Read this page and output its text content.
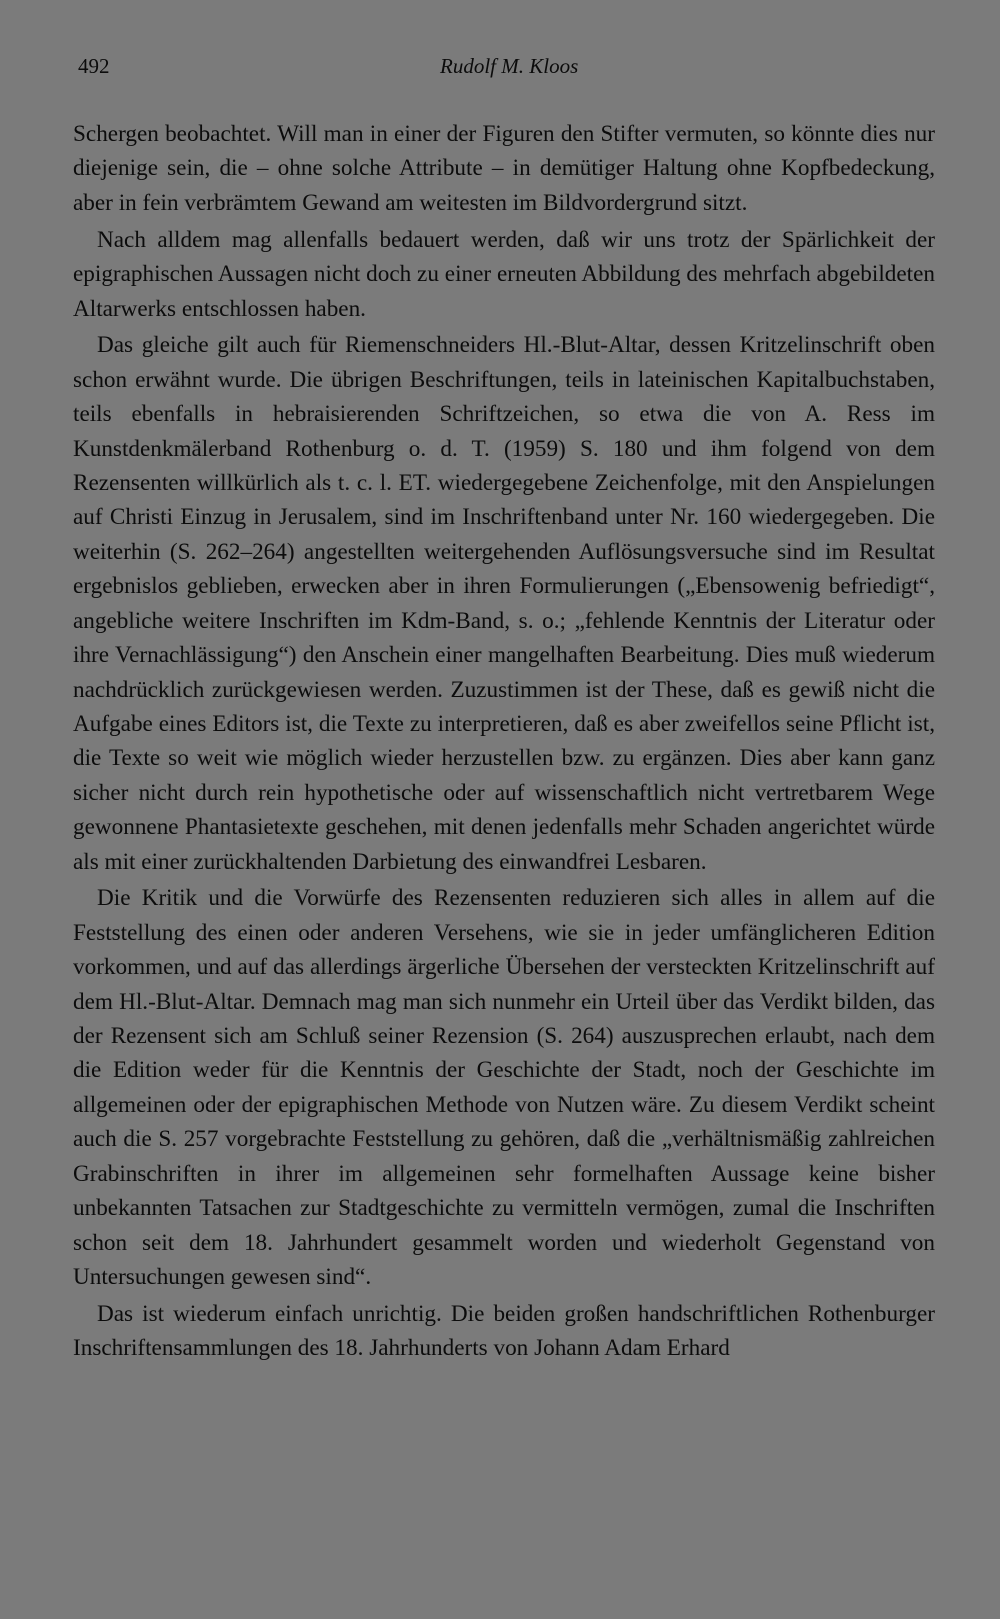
492	Rudolf M. Kloos

Schergen beobachtet. Will man in einer der Figuren den Stifter vermuten, so könnte dies nur diejenige sein, die – ohne solche Attribute – in demütiger Haltung ohne Kopfbedeckung, aber in fein verbrämtem Gewand am weitesten im Bildvordergrund sitzt.

Nach alldem mag allenfalls bedauert werden, daß wir uns trotz der Spärlichkeit der epigraphischen Aussagen nicht doch zu einer erneuten Abbildung des mehrfach abgebildeten Altarwerks entschlossen haben.

Das gleiche gilt auch für Riemenschneiders Hl.-Blut-Altar, dessen Kritzelinschrift oben schon erwähnt wurde. Die übrigen Beschriftungen, teils in lateinischen Kapitalbuchstaben, teils ebenfalls in hebraisierenden Schriftzeichen, so etwa die von A. Ress im Kunstdenkmälerband Rothenburg o. d. T. (1959) S. 180 und ihm folgend von dem Rezensenten willkürlich als t. c. l. ET. wiedergegebene Zeichenfolge, mit den Anspielungen auf Christi Einzug in Jerusalem, sind im Inschriftenband unter Nr. 160 wiedergegeben. Die weiterhin (S. 262–264) angestellten weitergehenden Auflösungsversuche sind im Resultat ergebnislos geblieben, erwecken aber in ihren Formulierungen („Ebensowenig befriedigt“, angebliche weitere Inschriften im Kdm-Band, s. o.; „fehlende Kenntnis der Literatur oder ihre Vernachlässigung“) den Anschein einer mangelhaften Bearbeitung. Dies muß wiederum nachdrücklich zurückgewiesen werden. Zuzustimmen ist der These, daß es gewiß nicht die Aufgabe eines Editors ist, die Texte zu interpretieren, daß es aber zweifellos seine Pflicht ist, die Texte so weit wie möglich wieder herzustellen bzw. zu ergänzen. Dies aber kann ganz sicher nicht durch rein hypothetische oder auf wissenschaftlich nicht vertretbarem Wege gewonnene Phantasietexte geschehen, mit denen jedenfalls mehr Schaden angerichtet würde als mit einer zurückhaltenden Darbietung des einwandfrei Lesbaren.

Die Kritik und die Vorwürfe des Rezensenten reduzieren sich alles in allem auf die Feststellung des einen oder anderen Versehens, wie sie in jeder umfänglicheren Edition vorkommen, und auf das allerdings ärgerliche Übersehen der versteckten Kritzelinschrift auf dem Hl.-Blut-Altar. Demnach mag man sich nunmehr ein Urteil über das Verdikt bilden, das der Rezensent sich am Schluß seiner Rezension (S. 264) auszusprechen erlaubt, nach dem die Edition weder für die Kenntnis der Geschichte der Stadt, noch der Geschichte im allgemeinen oder der epigraphischen Methode von Nutzen wäre. Zu diesem Verdikt scheint auch die S. 257 vorgebrachte Feststellung zu gehören, daß die „verhältnismäßig zahlreichen Grabinschriften in ihrer im allgemeinen sehr formelhaften Aussage keine bisher unbekannten Tatsachen zur Stadtgeschichte zu vermitteln vermögen, zumal die Inschriften schon seit dem 18. Jahrhundert gesammelt worden und wiederholt Gegenstand von Untersuchungen gewesen sind“.

Das ist wiederum einfach unrichtig. Die beiden großen handschriftlichen Rothenburger Inschriftensammlungen des 18. Jahrhunderts von Johann Adam Erhard
